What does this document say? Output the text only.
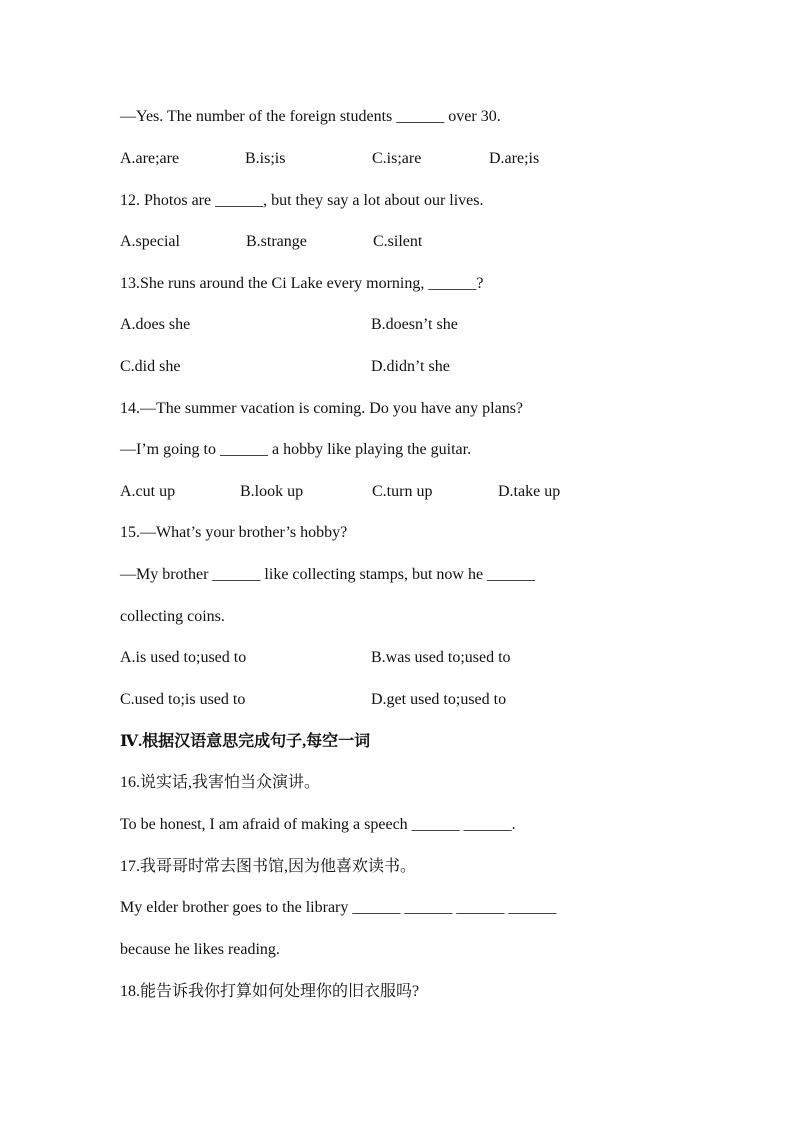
—Yes. The number of the foreign students ______ over 30.

A.are;are

	B.is;is

	C.is;are

	D.are;is

12. Photos are ______, but they say a lot about our lives.

A.special

	B.strange

	C.silent

13.She runs around the Ci Lake every morning, ______?

A.does she

	B.doesn’t she

C.did she

	D.didn’t she

14.—The summer vacation is coming. Do you have any plans?
—I’m going to ______ a hobby like playing the guitar.

A.cut up

	B.look up

	C.turn up

	D.take up

15.—What’s your brother’s hobby?
—My brother ______ like collecting stamps, but now he ______
collecting coins.

A.is used to;used to

	B.was used to;used to

C.used to;is used to

	D.get used to;used to

Ⅳ.根据汉语意思完成句子,每空一词
16.说实话,我害怕当众演讲。
To be honest, I am afraid of making a speech ______ ______.
17.我哥哥时常去图书馆,因为他喜欢读书。
My elder brother goes to the library ______ ______ ______ ______
because he likes reading.
18.能告诉我你打算如何处理你的旧衣服吗?
